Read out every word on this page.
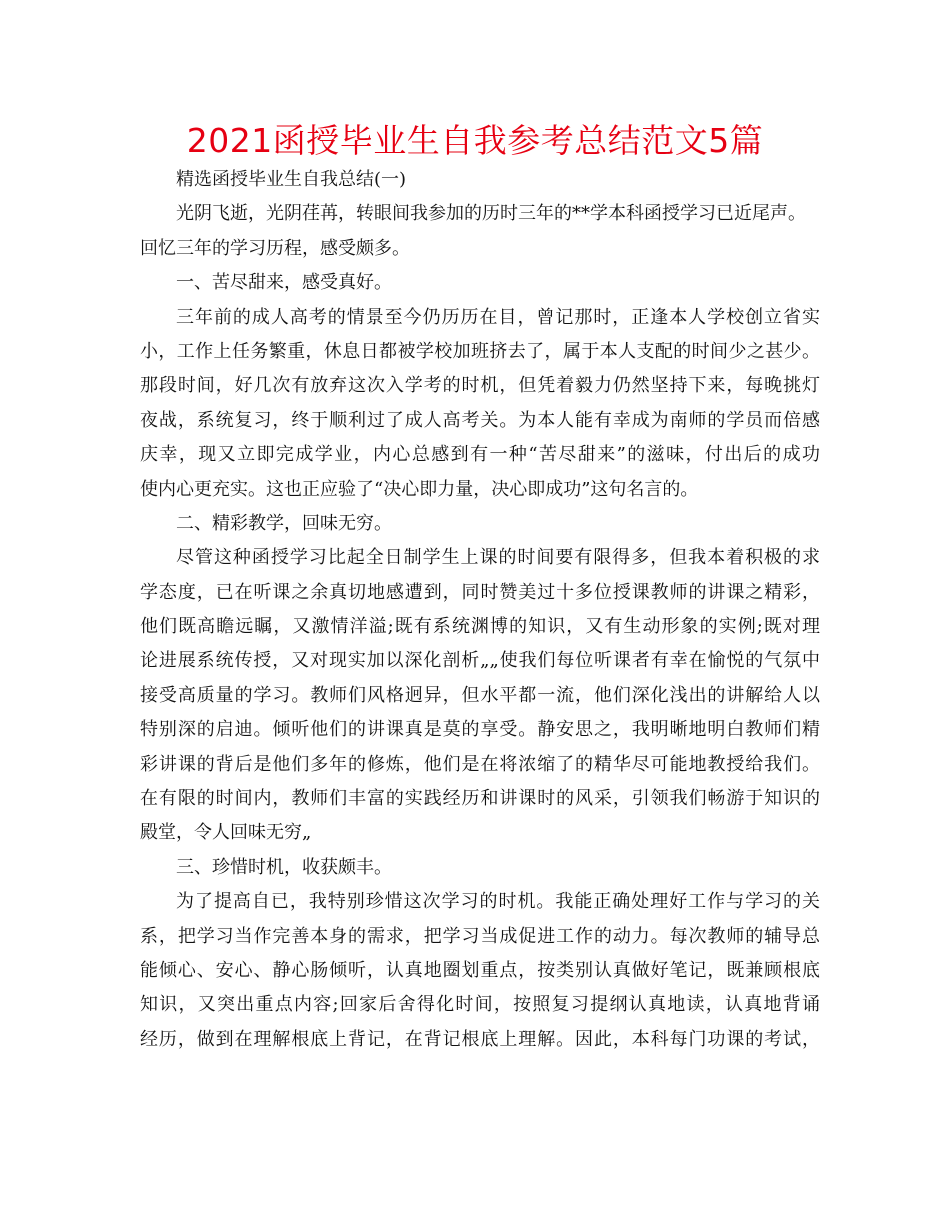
2021函授毕业生自我参考总结范文5篇
精选函授毕业生自我总结(一)
光阴飞逝，光阴荏苒，转眼间我参加的历时三年的**学本科函授学习已近尾声。
回忆三年的学习历程，感受颇多。
一、苦尽甜来，感受真好。
三年前的成人高考的情景至今仍历历在目，曾记那时，正逢本人学校创立省实
小，工作上任务繁重，休息日都被学校加班挤去了，属于本人支配的时间少之甚少。
那段时间，好几次有放弃这次入学考的时机，但凭着毅力仍然坚持下来，每晚挑灯
夜战，系统复习，终于顺利过了成人高考关。为本人能有幸成为南师的学员而倍感
庆幸，现又立即完成学业，内心总感到有一种“苦尽甜来”的滋味，付出后的成功
使内心更充实。这也正应验了“决心即力量，决心即成功”这句名言的。
二、精彩教学，回味无穷。
尽管这种函授学习比起全日制学生上课的时间要有限得多，但我本着积极的求
学态度，已在听课之余真切地感遭到，同时赞美过十多位授课教师的讲课之精彩，
他们既高瞻远瞩，又激情洋溢;既有系统渊博的知识，又有生动形象的实例;既对理
论进展系统传授，又对现实加以深化剖析„„使我们每位听课者有幸在愉悦的气氛中
接受高质量的学习。教师们风格迥异，但水平都一流，他们深化浅出的讲解给人以
特别深的启迪。倾听他们的讲课真是莫的享受。静安思之，我明晰地明白教师们精
彩讲课的背后是他们多年的修炼，他们是在将浓缩了的精华尽可能地教授给我们。
在有限的时间内，教师们丰富的实践经历和讲课时的风采，引领我们畅游于知识的
殿堂，令人回味无穷„
三、珍惜时机，收获颇丰。
为了提高自已，我特别珍惜这次学习的时机。我能正确处理好工作与学习的关
系，把学习当作完善本身的需求，把学习当成促进工作的动力。每次教师的辅导总
能倾心、安心、静心肠倾听，认真地圈划重点，按类别认真做好笔记，既兼顾根底
知识，又突出重点内容;回家后舍得化时间，按照复习提纲认真地读，认真地背诵
经历，做到在理解根底上背记，在背记根底上理解。因此，本科每门功课的考试，
